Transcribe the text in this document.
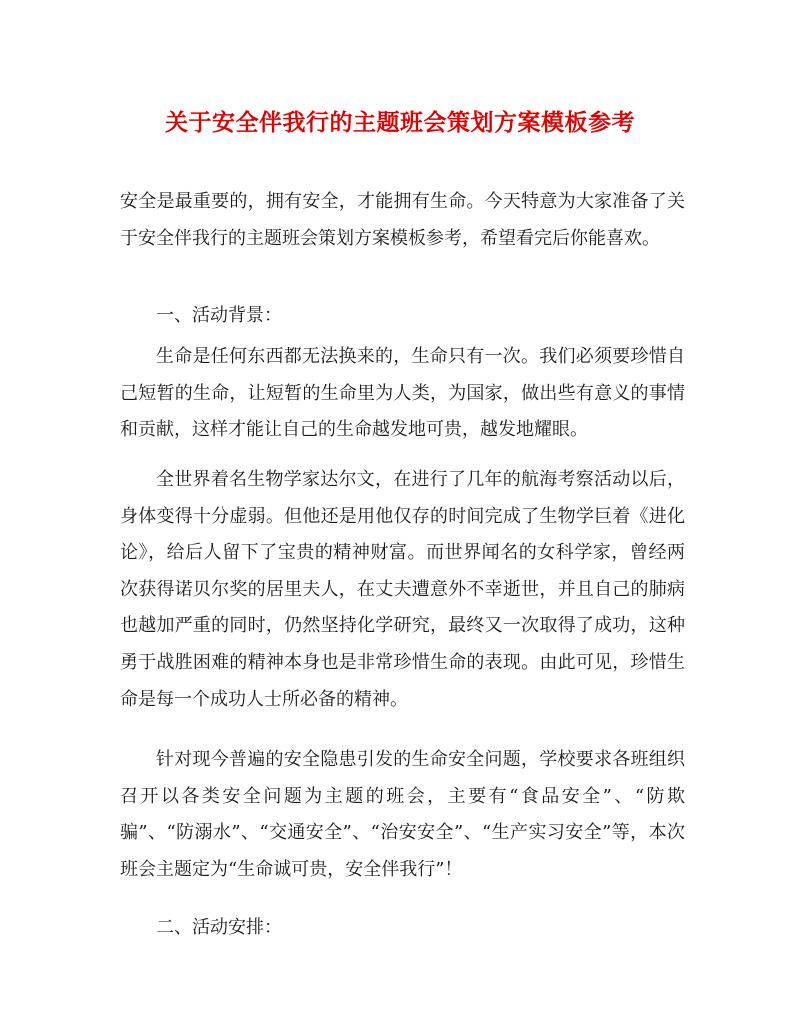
关于安全伴我行的主题班会策划方案模板参考

安全是最重要的，拥有安全，才能拥有生命。今天特意为大家准备了关于安全伴我行的主题班会策划方案模板参考，希望看完后你能喜欢。

一、活动背景：

生命是任何东西都无法换来的，生命只有一次。我们必须要珍惜自己短暂的生命，让短暂的生命里为人类，为国家，做出些有意义的事情和贡献，这样才能让自己的生命越发地可贵，越发地耀眼。

全世界着名生物学家达尔文，在进行了几年的航海考察活动以后，身体变得十分虚弱。但他还是用他仅存的时间完成了生物学巨着《进化论》，给后人留下了宝贵的精神财富。而世界闻名的女科学家，曾经两次获得诺贝尔奖的居里夫人，在丈夫遭意外不幸逝世，并且自己的肺病也越加严重的同时，仍然坚持化学研究，最终又一次取得了成功，这种勇于战胜困难的精神本身也是非常珍惜生命的表现。由此可见，珍惜生命是每一个成功人士所必备的精神。

针对现今普遍的安全隐患引发的生命安全问题，学校要求各班组织召开以各类安全问题为主题的班会，主要有“食品安全”、“防欺骗”、“防溺水”、“交通安全”、“治安安全”、“生产实习安全”等，本次班会主题定为“生命诚可贵，安全伴我行”！

二、活动安排：
